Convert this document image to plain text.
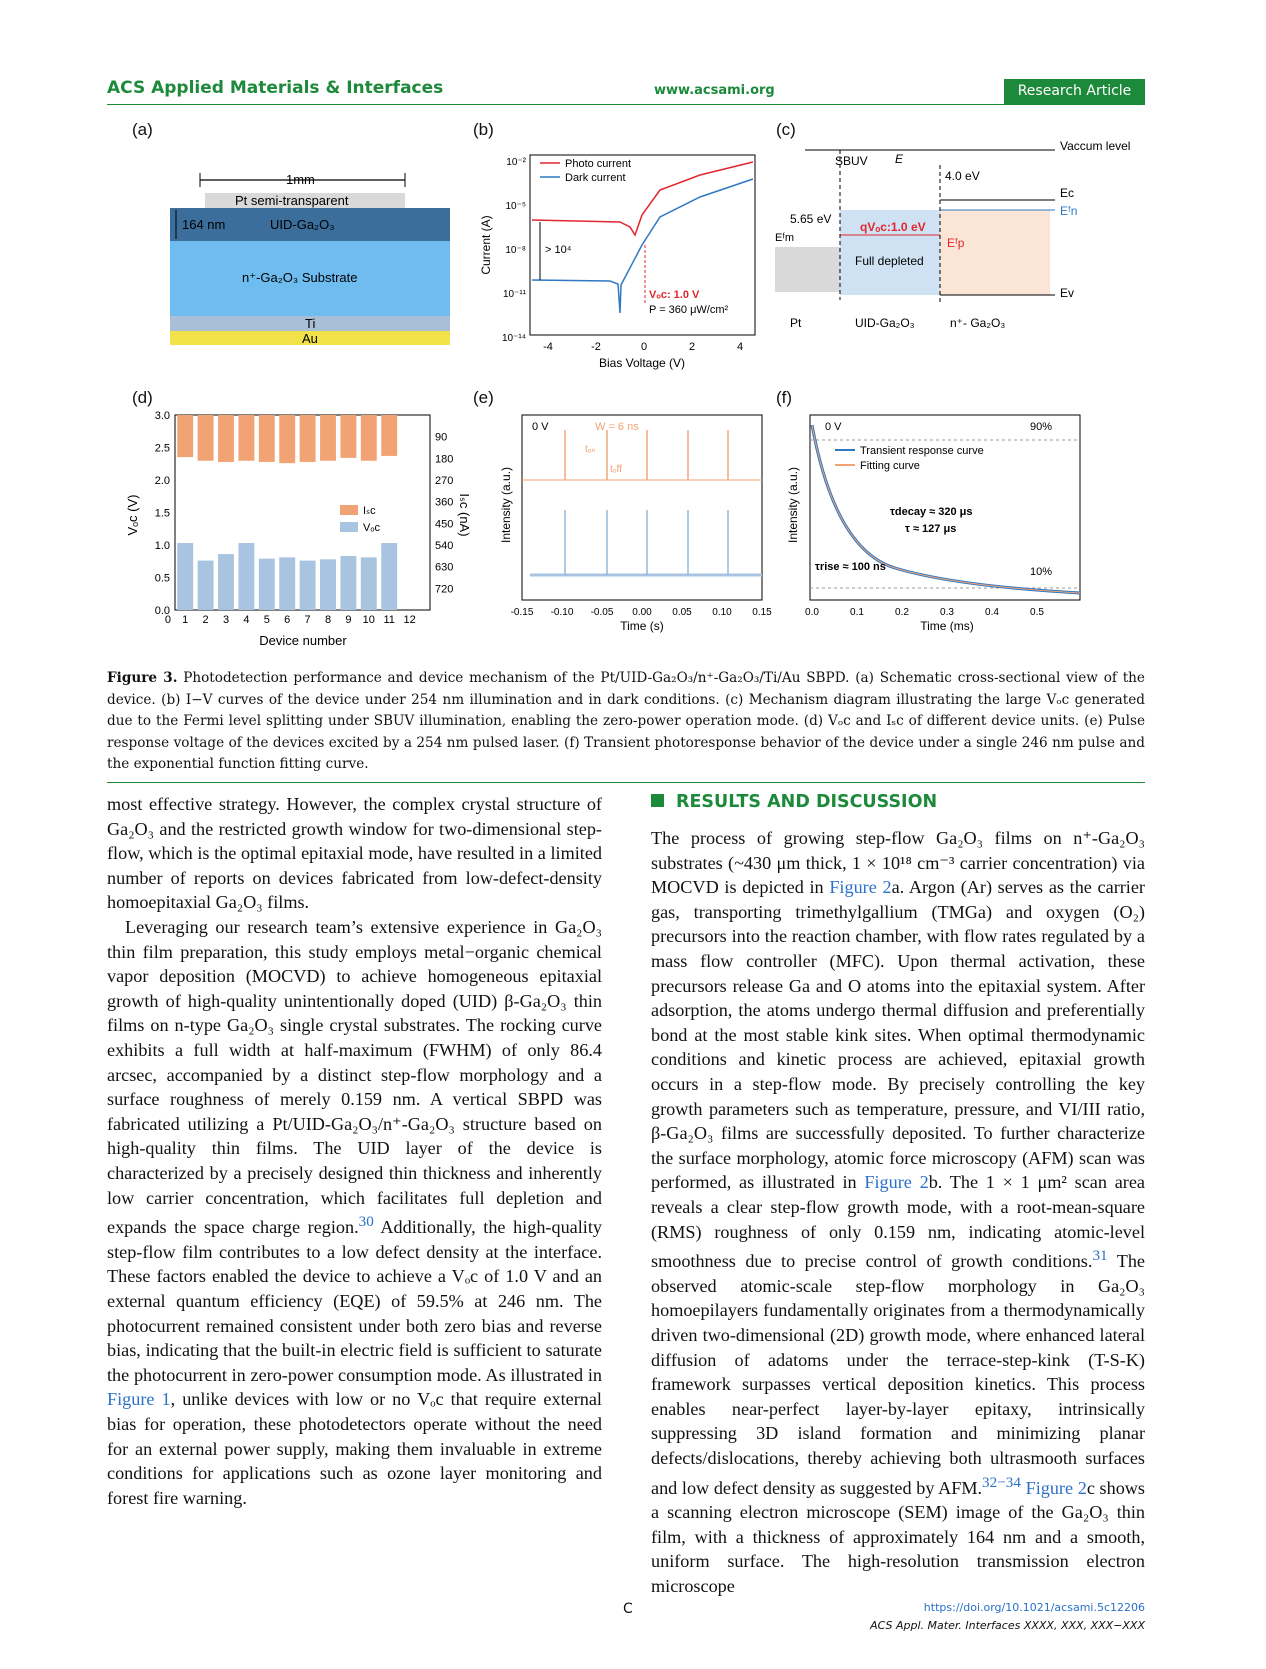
ACS Applied Materials & Interfaces	www.acsami.org	Research Article
(a)	(b)	(c)
(d)	(e)	(f)
1mm
Pt semi-transparent
164 nm	UID-Ga₂O₃
n⁺-Ga₂O₃ Substrate
Ti
Au
10⁻²
10⁻⁵
10⁻⁸
10⁻¹¹
10⁻¹⁴
-4	-2	0	2	4
Bias Voltage (V)
Current (A)
Photo current
Dark current
> 10⁴
Vₒc: 1.0 V
P = 360 μW/cm²
Vaccum level
SBUV E
4.0 eV
5.65 eV
Eᶠm
Ec
Eᶠn
Eᶠp
Ev
qVₒc:1.0 eV
Full depleted
Pt	UID-Ga₂O₃	n⁺- Ga₂O₃
1 2 3 4 5 6 7 8 9 10 11 12
0
0.0
0.5
1.0
1.5
2.0
2.5
3.0
90
180
270
360
450
540
630
720
Iₛc
Vₒc
Device number
Vₒc (V)	Iₛc (nA)
0 V	W = 6 ns
tₒₙ
tₒff
-0.15 -0.10 -0.05 0.00 0.05 0.10 0.15
Time (s)
Intensity (a.u.)
0 V	90%
10%
Transient response curve
Fitting curve
τdecay ≈ 320 μs
τ ≈ 127 μs
τrise ≈ 100 ns
0.0	0.1	0.2	0.3	0.4	0.5
Time (ms)
Intensity (a.u.)
Figure 3. Photodetection performance and device mechanism of the Pt/UID-Ga₂O₃/n⁺-Ga₂O₃/Ti/Au SBPD. (a) Schematic cross-sectional view of the device. (b) I−V curves of the device under 254 nm illumination and in dark conditions. (c) Mechanism diagram illustrating the large Vₒc generated due to the Fermi level splitting under SBUV illumination, enabling the zero-power operation mode. (d) Vₒc and Iₛc of different device units. (e) Pulse response voltage of the devices excited by a 254 nm pulsed laser. (f) Transient photoresponse behavior of the device under a single 246 nm pulse and the exponential function fitting curve.

most effective strategy. However, the complex crystal structure of Ga₂O₃ and the restricted growth window for two-dimensional step-flow, which is the optimal epitaxial mode, have resulted in a limited number of reports on devices fabricated from low-defect-density homoepitaxial Ga₂O₃ films.

Leveraging our research team’s extensive experience in Ga₂O₃ thin film preparation, this study employs metal−organic chemical vapor deposition (MOCVD) to achieve homogeneous epitaxial growth of high-quality unintentionally doped (UID) β-Ga₂O₃ thin films on n-type Ga₂O₃ single crystal substrates. The rocking curve exhibits a full width at half-maximum (FWHM) of only 86.4 arcsec, accompanied by a distinct step-flow morphology and a surface roughness of merely 0.159 nm. A vertical SBPD was fabricated utilizing a Pt/UID-Ga₂O₃/n⁺-Ga₂O₃ structure based on high-quality thin films. The UID layer of the device is characterized by a precisely designed thin thickness and inherently low carrier concentration, which facilitates full depletion and expands the space charge region.$^{30}$ Additionally, the high-quality step-flow film contributes to a low defect density at the interface. These factors enabled the device to achieve a Vₒc of 1.0 V and an external quantum efficiency (EQE) of 59.5% at 246 nm. The photocurrent remained consistent under both zero bias and reverse bias, indicating that the built-in electric field is sufficient to saturate the photocurrent in zero-power consumption mode. As illustrated in Figure 1, unlike devices with low or no Vₒc that require external bias for operation, these photodetectors operate without the need for an external power supply, making them invaluable in extreme conditions for applications such as ozone layer monitoring and forest fire warning.

RESULTS AND DISCUSSION

The process of growing step-flow Ga₂O₃ films on n⁺-Ga₂O₃ substrates (~430 μm thick, 1 × 10¹⁸ cm⁻³ carrier concentration) via MOCVD is depicted in Figure 2a. Argon (Ar) serves as the carrier gas, transporting trimethylgallium (TMGa) and oxygen (O₂) precursors into the reaction chamber, with flow rates regulated by a mass flow controller (MFC). Upon thermal activation, these precursors release Ga and O atoms into the epitaxial system. After adsorption, the atoms undergo thermal diffusion and preferentially bond at the most stable kink sites. When optimal thermodynamic conditions and kinetic process are achieved, epitaxial growth occurs in a step-flow mode. By precisely controlling the key growth parameters such as temperature, pressure, and VI/III ratio, β-Ga₂O₃ films are successfully deposited. To further characterize the surface morphology, atomic force microscopy (AFM) scan was performed, as illustrated in Figure 2b. The 1 × 1 μm² scan area reveals a clear step-flow growth mode, with a root-mean-square (RMS) roughness of only 0.159 nm, indicating atomic-level smoothness due to precise control of growth conditions.$^{31}$ The observed atomic-scale step-flow morphology in Ga₂O₃ homoepilayers fundamentally originates from a thermodynamically driven two-dimensional (2D) growth mode, where enhanced lateral diffusion of adatoms under the terrace-step-kink (T-S-K) framework surpasses vertical deposition kinetics. This process enables near-perfect layer-by-layer epitaxy, intrinsically suppressing 3D island formation and minimizing planar defects/dislocations, thereby achieving both ultrasmooth surfaces and low defect density as suggested by AFM.$^{32-34}$ Figure 2c shows a scanning electron microscope (SEM) image of the Ga₂O₃ thin film, with a thickness of approximately 164 nm and a smooth, uniform surface. The high-resolution transmission electron microscope

C	https://doi.org/10.1021/acsami.5c12206
ACS Appl. Mater. Interfaces XXXX, XXX, XXX−XXX
